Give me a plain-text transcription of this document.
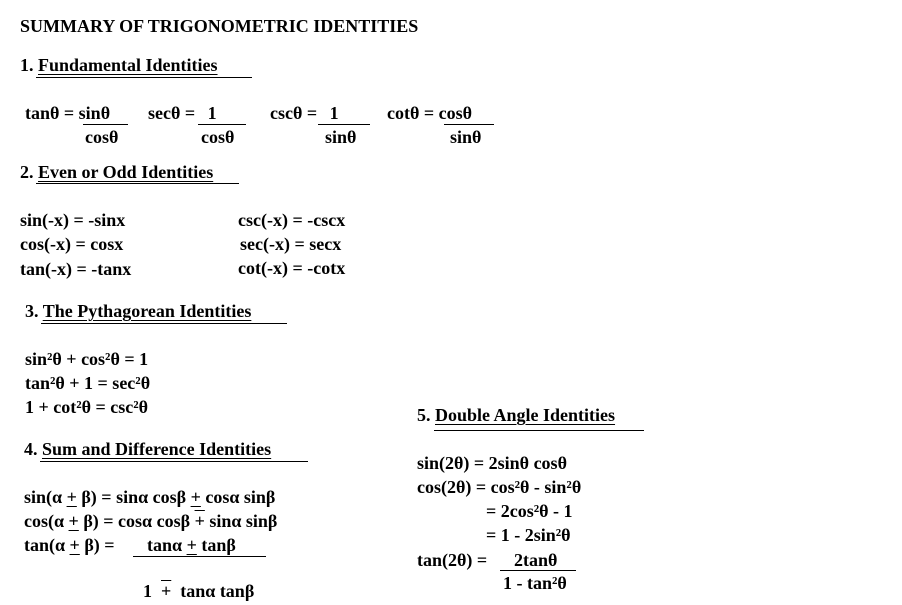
SUMMARY OF TRIGONOMETRIC IDENTITIES
1. Fundamental Identities
tanθ = sinθ
cosθ
secθ = 1
cosθ
cscθ = 1
sinθ
cotθ = cosθ
sinθ
2. Even or Odd Identities
sin(-x) = -sinx
cos(-x) = cosx
tan(-x) = -tanx
csc(-x) = -cscx
sec(-x) = secx
cot(-x) = -cotx
3. The Pythagorean Identities
sin²θ + cos²θ = 1
tan²θ + 1 = sec²θ
1 + cot²θ = csc²θ
4. Sum and Difference Identities
sin(α + β) = sinα cosβ + cosα sinβ
cos(α + β) = cosα cosβ + sinα sinβ
tan(α + β) = tanα + tanβ

1  +  tanα tanβ

5. Double Angle Identities
sin(2θ) = 2sinθ cosθ
cos(2θ) = cos²θ - sin²θ
= 2cos²θ - 1
= 1 - 2sin²θ
tan(2θ) = 2tanθ
1 - tan²θ
